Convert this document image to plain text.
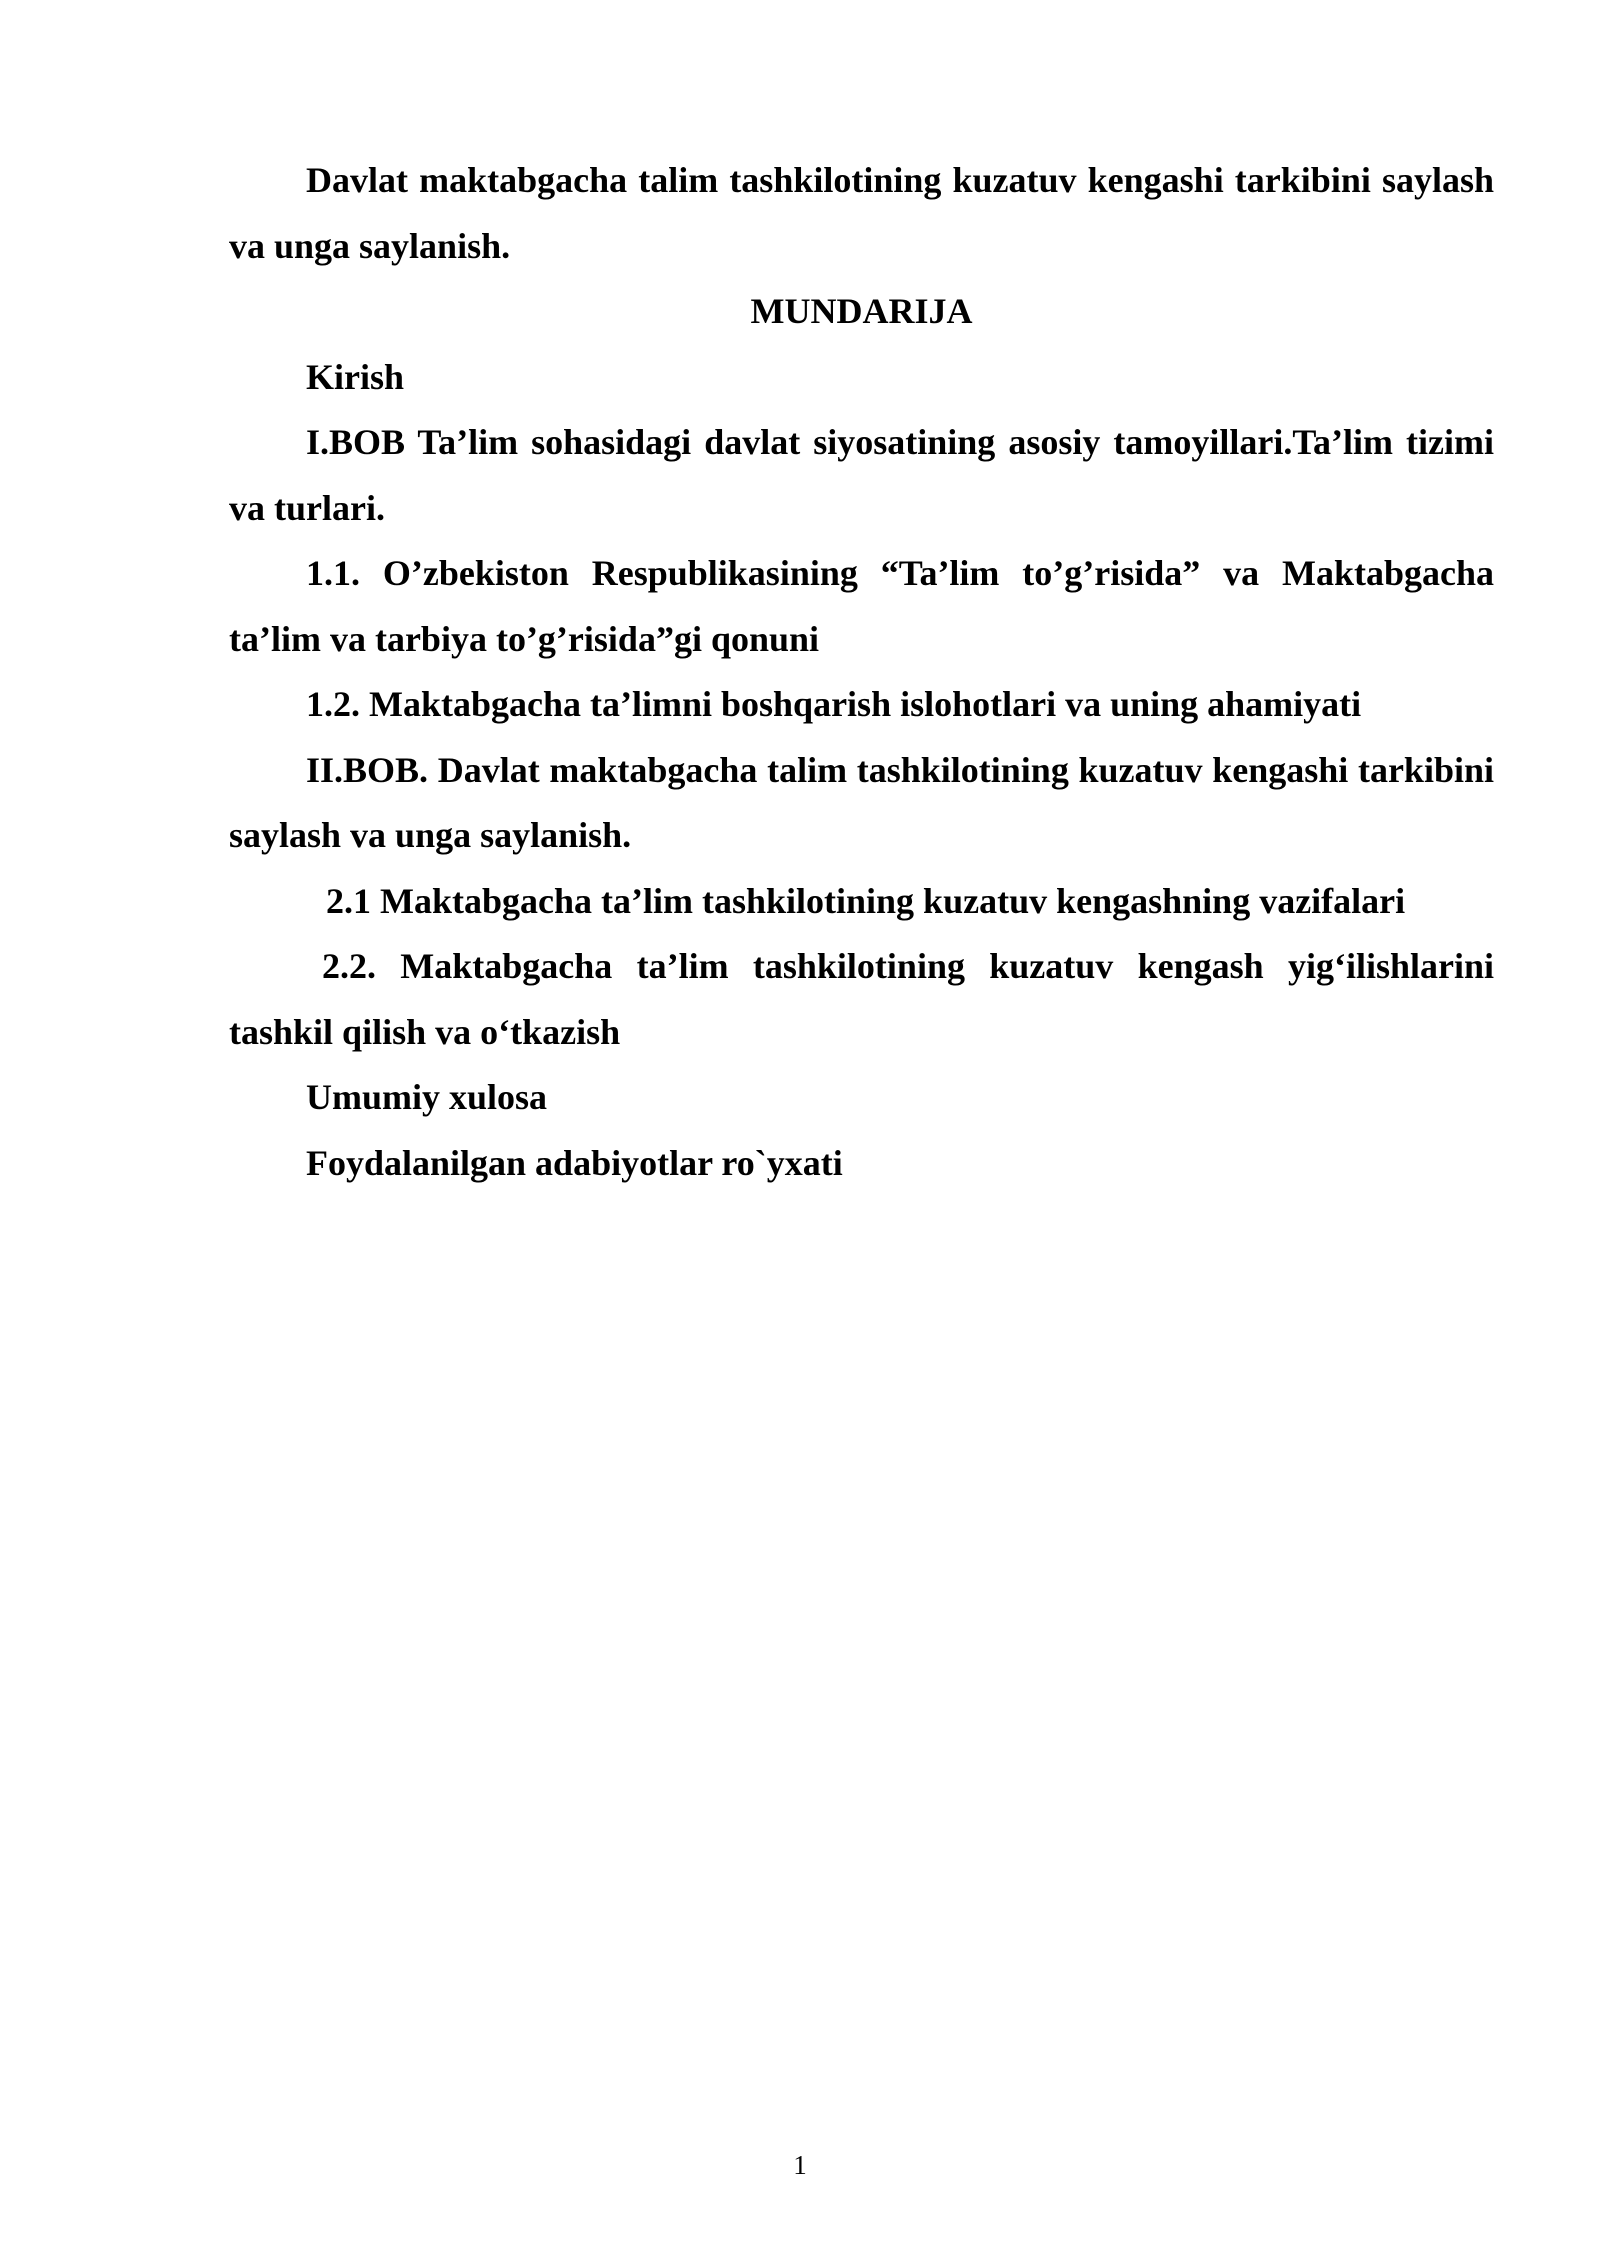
Davlat maktabgacha talim tashkilotining kuzatuv kengashi tarkibini saylash va unga saylanish.

MUNDARIJA

Kirish

I.BOB Ta’lim sohasidagi davlat siyosatining asosiy tamoyillari.Ta’lim tizimi va turlari.

1.1. O’zbekiston Respublikasining “Ta’lim to’g’risida” va Maktabgacha ta’lim va tarbiya to’g’risida”gi qonuni

1.2. Maktabgacha ta’limni boshqarish islohotlari va uning ahamiyati

II.BOB. Davlat maktabgacha talim tashkilotining kuzatuv kengashi tarkibini saylash va unga saylanish.

2.1 Maktabgacha ta’lim tashkilotining kuzatuv kengashning vazifalari

2.2. Maktabgacha ta’lim tashkilotining kuzatuv kengash yig‘ilishlarini tashkil qilish va o‘tkazish

Umumiy xulosa

Foydalanilgan adabiyotlar ro`yxati

1
